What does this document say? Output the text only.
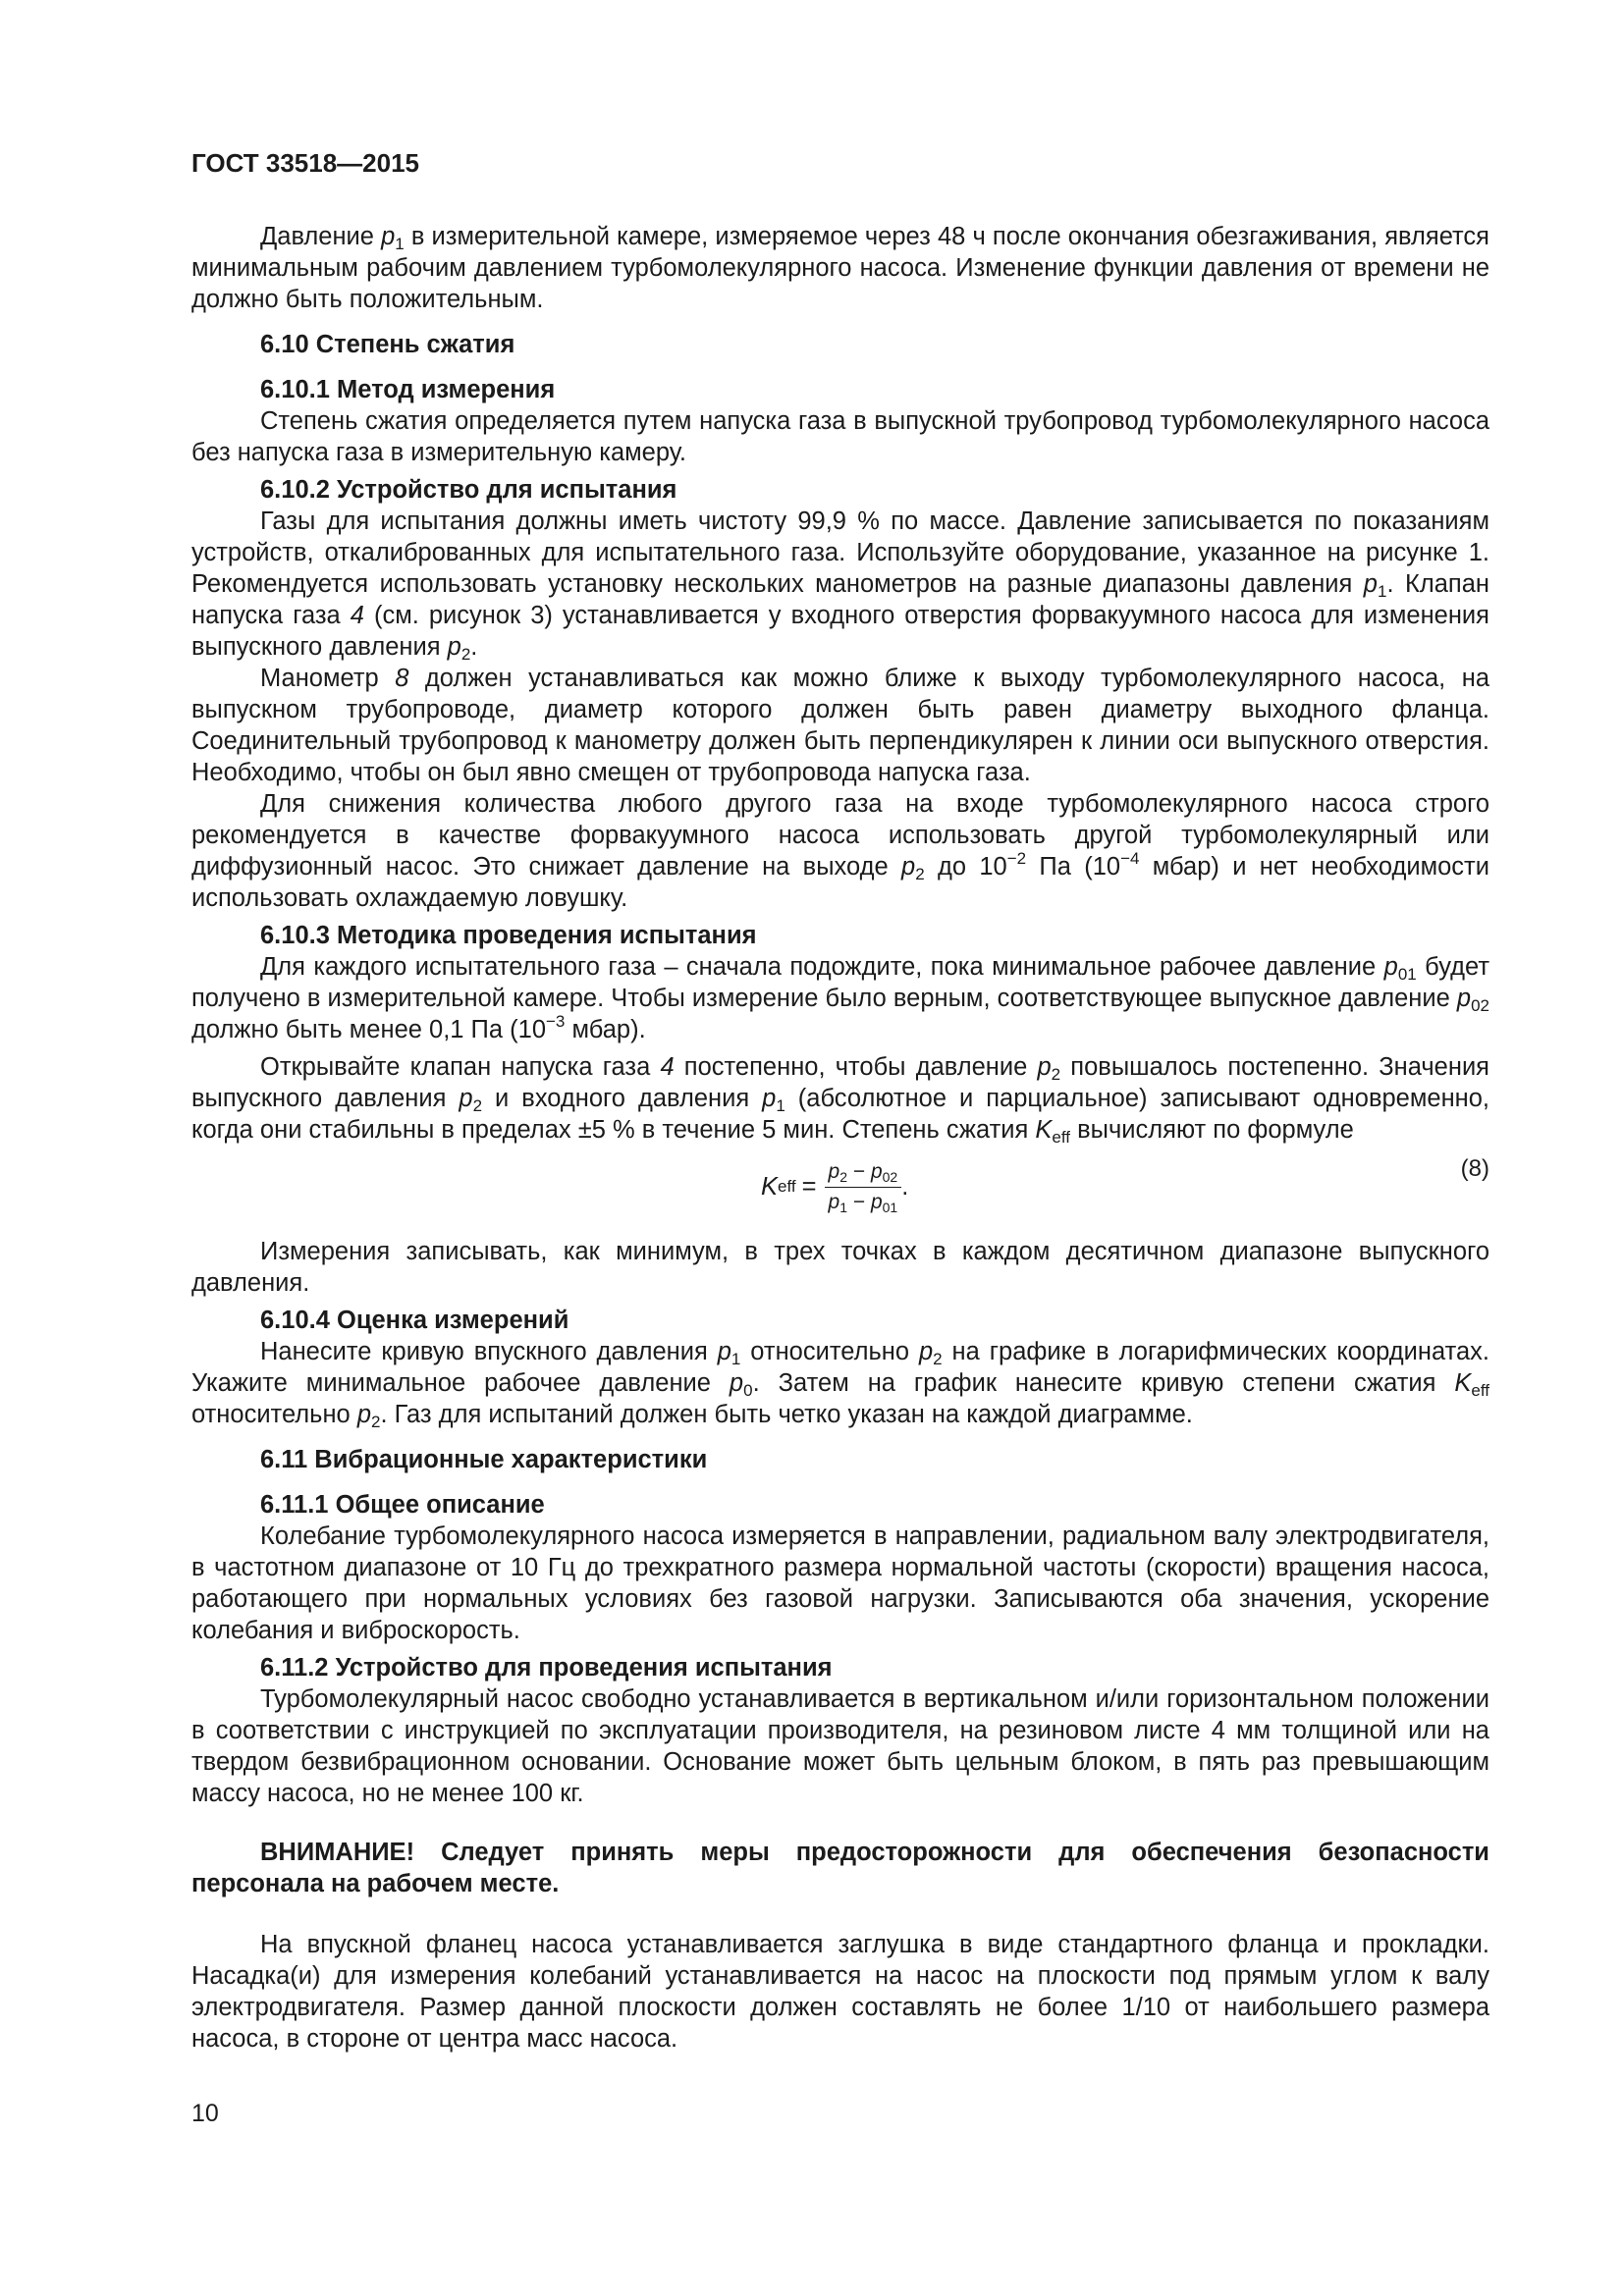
ГОСТ 33518—2015

Давление $p_1$ в измерительной камере, измеряемое через 48 ч после окончания обезгаживания, является минимальным рабочим давлением турбомолекулярного насоса. Изменение функции давления от времени не должно быть положительным.

6.10 Степень сжатия
6.10.1 Метод измерения

Степень сжатия определяется путем напуска газа в выпускной трубопровод турбомолекулярного насоса без напуска газа в измерительную камеру.

6.10.2 Устройство для испытания

Газы для испытания должны иметь чистоту 99,9 % по массе. Давление записывается по показаниям устройств, откалиброванных для испытательного газа. Используйте оборудование, указанное на рисунке 1. Рекомендуется использовать установку нескольких манометров на разные диапазоны давления $p_1$. Клапан напуска газа 4 (см. рисунок 3) устанавливается у входного отверстия форвакуумного насоса для изменения выпускного давления $p_2$.

Манометр 8 должен устанавливаться как можно ближе к выходу турбомолекулярного насоса, на выпускном трубопроводе, диаметр которого должен быть равен диаметру выходного фланца. Соединительный трубопровод к манометру должен быть перпендикулярен к линии оси выпускного отверстия. Необходимо, чтобы он был явно смещен от трубопровода напуска газа.

Для снижения количества любого другого газа на входе турбомолекулярного насоса строго рекомендуется в качестве форвакуумного насоса использовать другой турбомолекулярный или диффузионный насос. Это снижает давление на выходе $p_2$ до $10^{-2}$ Па ($10^{-4}$ мбар) и нет необходимости использовать охлаждаемую ловушку.

6.10.3 Методика проведения испытания

Для каждого испытательного газа – сначала подождите, пока минимальное рабочее давление $p_{01}$ будет получено в измерительной камере. Чтобы измерение было верным, соответствующее выпускное давление $p_{02}$ должно быть менее 0,1 Па ($10^{-3}$ мбар).

Открывайте клапан напуска газа 4 постепенно, чтобы давление $p_2$ повышалось постепенно. Значения выпускного давления $p_2$ и входного давления $p_1$ (абсолютное и парциальное) записывают одновременно, когда они стабильны в пределах ±5 % в течение 5 мин. Степень сжатия $K_{eff}$ вычисляют по формуле

K eff = $\frac{p_2 - p_{02}}{p_1 - p_{01}}$ .
(8)

Измерения записывать, как минимум, в трех точках в каждом десятичном диапазоне выпускного давления.

6.10.4 Оценка измерений

Нанесите кривую впускного давления $p_1$ относительно $p_2$ на графике в логарифмических координатах. Укажите минимальное рабочее давление $p_0$. Затем на график нанесите кривую степени сжатия $K_{eff}$ относительно $p_2$. Газ для испытаний должен быть четко указан на каждой диаграмме.

6.11 Вибрационные характеристики
6.11.1 Общее описание

Колебание турбомолекулярного насоса измеряется в направлении, радиальном валу электродвигателя, в частотном диапазоне от 10 Гц до трехкратного размера нормальной частоты (скорости) вращения насоса, работающего при нормальных условиях без газовой нагрузки. Записываются оба значения, ускорение колебания и виброскорость.

6.11.2 Устройство для проведения испытания

Турбомолекулярный насос свободно устанавливается в вертикальном и/или горизонтальном положении в соответствии с инструкцией по эксплуатации производителя, на резиновом листе 4 мм толщиной или на твердом безвибрационном основании. Основание может быть цельным блоком, в пять раз превышающим массу насоса, но не менее 100 кг.

ВНИМАНИЕ! Следует принять меры предосторожности для обеспечения безопасности персонала на рабочем месте.

На впускной фланец насоса устанавливается заглушка в виде стандартного фланца и прокладки. Насадка(и) для измерения колебаний устанавливается на насос на плоскости под прямым углом к валу электродвигателя. Размер данной плоскости должен составлять не более 1/10 от наибольшего размера насоса, в стороне от центра масс насоса.

10
